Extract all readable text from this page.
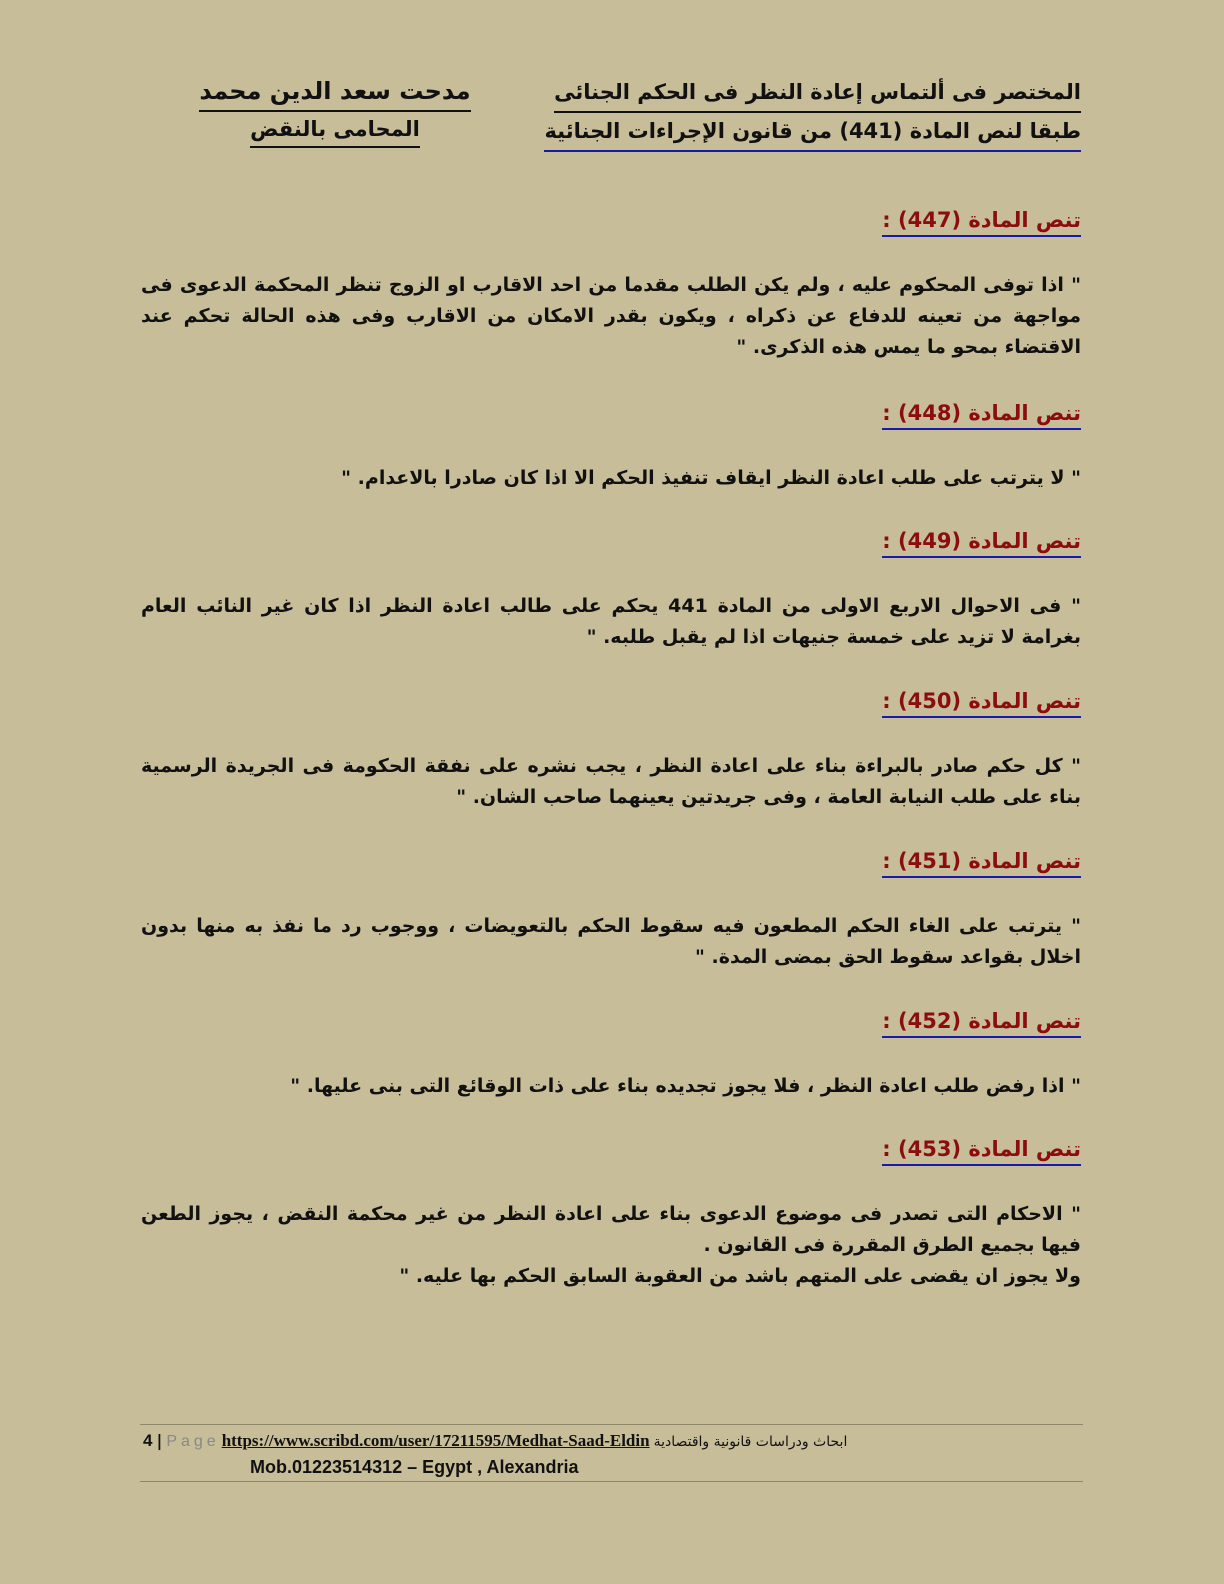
المختصر فى ألتماس إعادة النظر فى الحكم الجنائى
طبقا لنص المادة (441) من قانون الإجراءات الجنائية
مدحت سعد الدين محمد
المحامى بالنقض
تنص المادة (447) :
" اذا توفى المحكوم عليه ، ولم يكن الطلب مقدما من احد الاقارب او الزوج تنظر المحكمة الدعوى فى مواجهة من تعينه للدفاع عن ذكراه ، ويكون بقدر الامكان من الاقارب وفى هذه الحالة تحكم عند الاقتضاء بمحو ما يمس هذه الذكرى. "
تنص المادة (448) :
" لا يترتب على طلب اعادة النظر ايقاف تنفيذ الحكم الا اذا كان صادرا بالاعدام. "
تنص المادة (449) :
" فى الاحوال الاربع الاولى من المادة 441 يحكم على طالب اعادة النظر اذا كان غير النائب العام بغرامة لا تزيد على خمسة جنيهات اذا لم يقبل طلبه. "
تنص المادة (450) :
" كل حكم صادر بالبراءة بناء على اعادة النظر ، يجب نشره على نفقة الحكومة فى الجريدة الرسمية بناء على طلب النيابة العامة ، وفى جريدتين يعينهما صاحب الشان. "
تنص المادة (451) :
" يترتب على الغاء الحكم المطعون فيه سقوط الحكم بالتعويضات ، ووجوب رد ما نفذ به منها بدون اخلال بقواعد سقوط الحق بمضى المدة. "
تنص المادة (452) :
" اذا رفض طلب اعادة النظر ، فلا يجوز تجديده بناء على ذات الوقائع التى بنى عليها. "
تنص المادة (453) :
" الاحكام التى تصدر فى موضوع الدعوى بناء على اعادة النظر من غير محكمة النقض ، يجوز الطعن فيها بجميع الطرق المقررة فى القانون .
ولا يجوز ان يقضى على المتهم باشد من العقوبة السابق الحكم بها عليه. "
4 | Page https://www.scribd.com/user/17211595/Medhat-Saad-Eldin ابحاث ودراسات قانونية واقتصادية
Mob.01223514312 – Egypt , Alexandria
